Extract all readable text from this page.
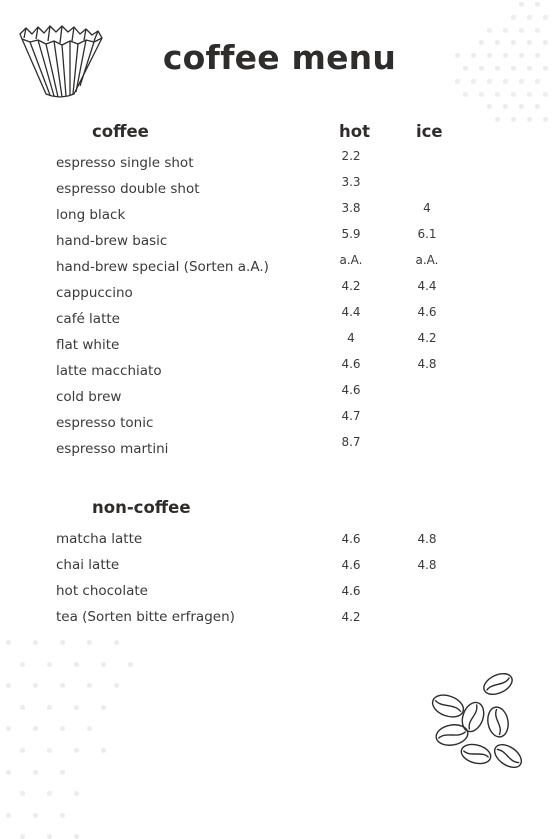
coffee menu
hot	ice
coffee
espresso single shot	2.2
espresso double shot	3.3
long black	3.8	4
hand-brew basic	5.9	6.1
hand-brew special (Sorten a.A.)	a.A.	a.A.
cappuccino	4.2	4.4
café latte	4.4	4.6
flat white	4	4.2
latte macchiato	4.6	4.8
cold brew	4.6
espresso tonic	4.7
espresso martini	8.7
non-coffee
matcha latte	4.6	4.8
chai latte	4.6	4.8
hot chocolate	4.6
tea (Sorten bitte erfragen)	4.2
